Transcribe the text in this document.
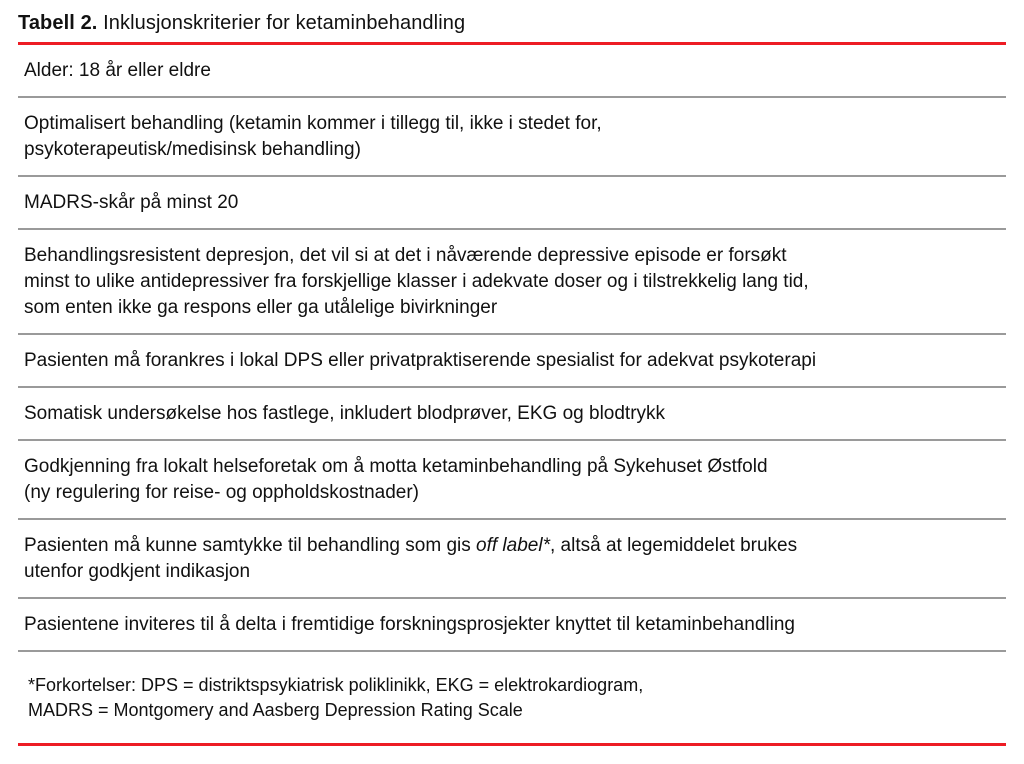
Tabell 2. Inklusjonskriterier for ketaminbehandling

Alder: 18 år eller eldre

Optimalisert behandling (ketamin kommer i tillegg til, ikke i stedet for,

psykoterapeutisk/medisinsk behandling)

MADRS-skår på minst 20

Behandlingsresistent depresjon, det vil si at det i nåværende depressive episode er forsøkt

minst to ulike antidepressiver fra forskjellige klasser i adekvate doser og i tilstrekkelig lang tid,

som enten ikke ga respons eller ga utålelige bivirkninger

Pasienten må forankres i lokal DPS eller privatpraktiserende spesialist for adekvat psykoterapi

Somatisk undersøkelse hos fastlege, inkludert blodprøver, EKG og blodtrykk

Godkjenning fra lokalt helseforetak om å motta ketaminbehandling på Sykehuset Østfold

(ny regulering for reise- og oppholdskostnader)

Pasienten må kunne samtykke til behandling som gis off label*, altså at legemiddelet brukes

utenfor godkjent indikasjon

Pasientene inviteres til å delta i fremtidige forskningsprosjekter knyttet til ketaminbehandling

*Forkortelser: DPS = distriktspsykiatrisk poliklinikk, EKG = elektrokardiogram,

MADRS = Montgomery and Aasberg Depression Rating Scale
